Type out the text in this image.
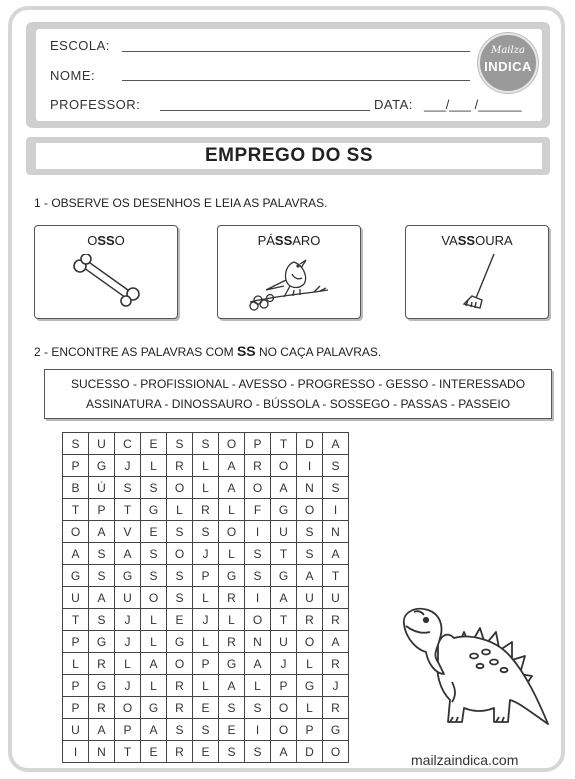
ESCOLA:
NOME:
PROFESSOR:	DATA: ___/___ /______
Mailza
INDICA
EMPREGO DO SS
1 - OBSERVE OS DESENHOS E LEIA AS PALAVRAS.
OSSO	PÁSSARO	VASSOURA
2 - ENCONTRE AS PALAVRAS COM SS NO CAÇA PALAVRAS.
SUCESSO - PROFISSIONAL - AVESSO - PROGRESSO - GESSO - INTERESSADO
ASSINATURA - DINOSSAURO - BÚSSOLA - SOSSEGO - PASSAS - PASSEIO
S	U	C	E	S	S	O	P	T	D	A
P	G	J	L	R	L	A	R	O	I	S
B	Ú	S	S	O	L	A	O	A	N	S
T	P	T	G	L	R	L	F	G	O	I
O	A	V	E	S	S	O	I	U	S	N
A	S	A	S	O	J	L	S	T	S	A
G	S	G	S	S	P	G	S	G	A	T
U	A	U	O	S	L	R	I	A	U	U
T	S	J	L	E	J	L	O	T	R	R
P	G	J	L	G	L	R	N	U	O	A
L	R	L	A	O	P	G	A	J	L	R
P	G	J	L	R	L	A	L	P	G	J
P	R	O	G	R	E	S	S	O	L	R
U	A	P	A	S	S	E	I	O	P	G
I	N	T	E	R	E	S	S	A	D	O
mailzaindica.com
